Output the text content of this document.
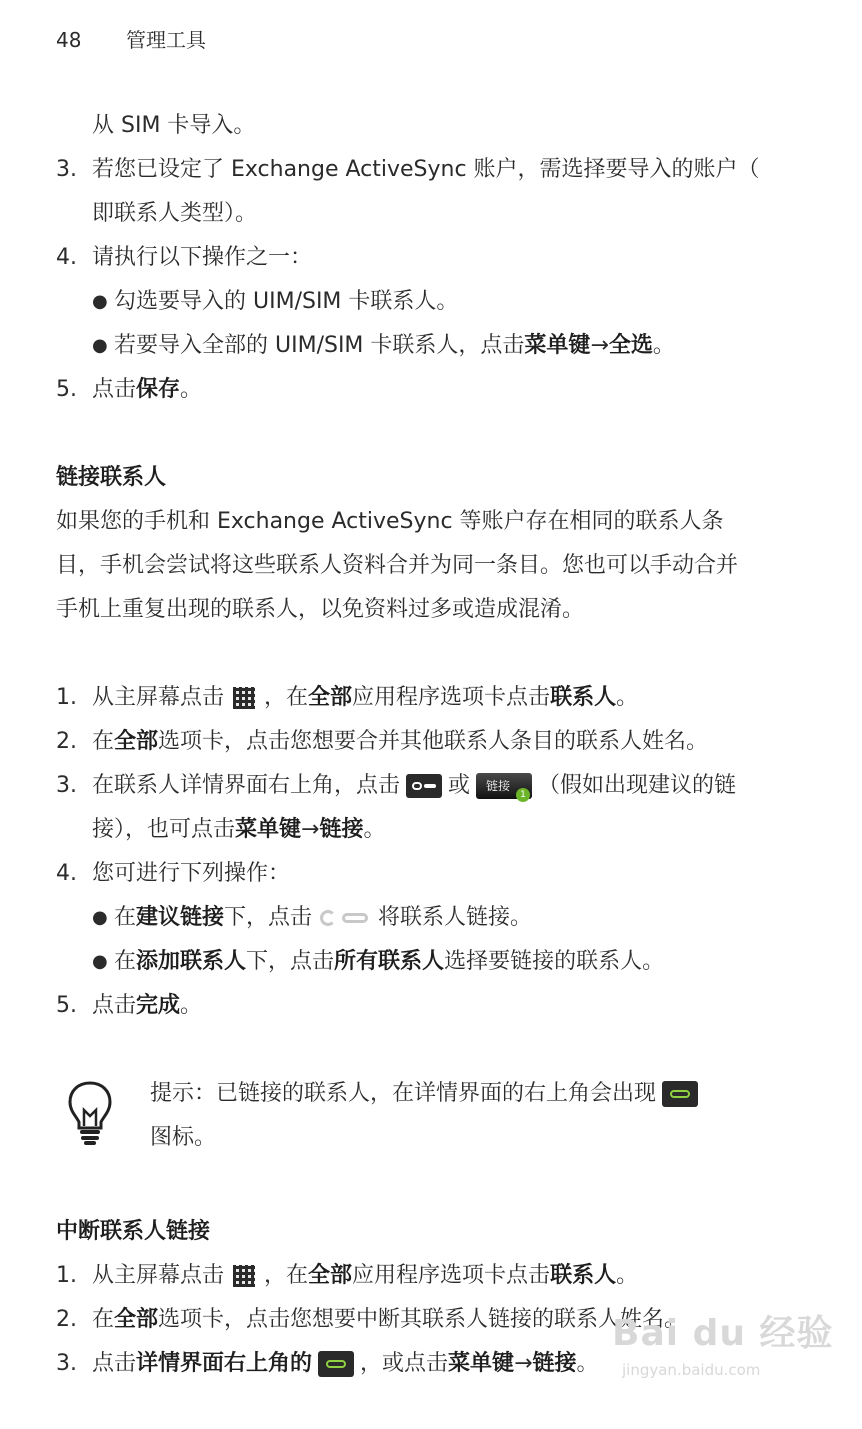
48 管理工具
从 SIM 卡导入。
3. 若您已设定了 Exchange ActiveSync 账户，需选择要导入的账户（
即联系人类型）。
4. 请执行以下操作之一：
● 勾选要导入的 UIM/SIM 卡联系人。
● 若要导入全部的 UIM/SIM 卡联系人，点击菜单键→全选。
5. 点击保存。
链接联系人
如果您的手机和 Exchange ActiveSync 等账户存在相同的联系人条
目，手机会尝试将这些联系人资料合并为同一条目。您也可以手动合并
手机上重复出现的联系人，以免资料过多或造成混淆。
1. 从主屏幕点击 ，在全部应用程序选项卡点击联系人。
2. 在全部选项卡，点击您想要合并其他联系人条目的联系人姓名。
3. 在联系人详情界面右上角，点击 或 链接
1 （假如出现建议的链
接），也可点击菜单键→链接。
4. 您可进行下列操作：
● 在建议链接下，点击	将联系人链接。
● 在添加联系人下，点击所有联系人选择要链接的联系人。
5. 点击完成。
提示：已链接的联系人，在详情界面的右上角会出现
图标。
中断联系人链接
1. 从主屏幕点击 ，在全部应用程序选项卡点击联系人。
2. 在全部选项卡，点击您想要中断其联系人链接的联系人姓名。
3. 点击详情界面右上角的 ，或点击菜单键→链接。
Bai du 经验
jingyan.baidu.com
